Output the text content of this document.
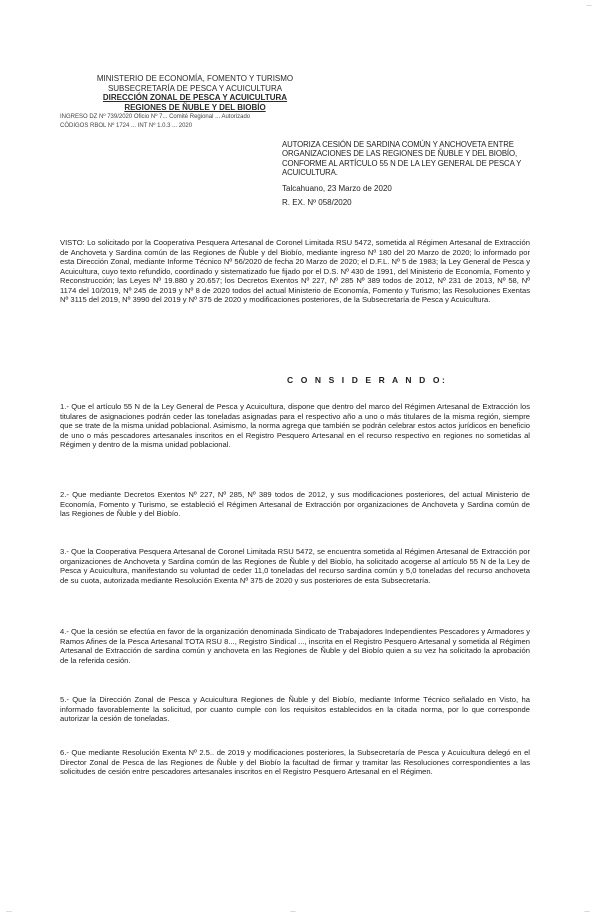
…
MINISTERIO DE ECONOMÍA, FOMENTO Y TURISMO
SUBSECRETARÍA DE PESCA Y ACUICULTURA
DIRECCIÓN ZONAL DE PESCA Y ACUICULTURA
REGIONES DE ÑUBLE Y DEL BIOBÍO
INGRESO DZ Nº 739/2020 Oficio Nº 7... Comité Regional ... Autorizado
CÓDIGOS RBOL Nº 1724 ... INT Nº 1.0.3 ... 2020
AUTORIZA CESIÓN DE SARDINA COMÚN Y ANCHOVETA ENTRE ORGANIZACIONES DE LAS REGIONES DE ÑUBLE Y DEL BIOBÍO, CONFORME AL ARTÍCULO 55 N DE LA LEY GENERAL DE PESCA Y ACUICULTURA.
Talcahuano, 23 Marzo de 2020
R. EX. Nº 058/2020
VISTO: Lo solicitado por la Cooperativa Pesquera Artesanal de Coronel Limitada RSU 5472, sometida al Régimen Artesanal de Extracción de Anchoveta y Sardina común de las Regiones de Ñuble y del Biobío, mediante ingreso Nº 180 del 20 Marzo de 2020; lo informado por esta Dirección Zonal, mediante Informe Técnico Nº 56/2020 de fecha 20 Marzo de 2020; el D.F.L. Nº 5 de 1983; la Ley General de Pesca y Acuicultura, cuyo texto refundido, coordinado y sistematizado fue fijado por el D.S. Nº 430 de 1991, del Ministerio de Economía, Fomento y Reconstrucción; las Leyes Nº 19.880 y 20.657; los Decretos Exentos Nº 227, Nº 285 Nº 389 todos de 2012, Nº 231 de 2013, Nº 58, Nº 1174 del 10/2019, Nº 245 de 2019 y Nº 8 de 2020 todos del actual Ministerio de Economía, Fomento y Turismo; las Resoluciones Exentas Nº 3115 del 2019, Nº 3990 del 2019 y Nº 375 de 2020 y modificaciones posteriores, de la Subsecretaría de Pesca y Acuicultura.
C O N S I D E R A N D O:
1.- Que el artículo 55 N de la Ley General de Pesca y Acuicultura, dispone que dentro del marco del Régimen Artesanal de Extracción los titulares de asignaciones podrán ceder las toneladas asignadas para el respectivo año a uno o más titulares de la misma región, siempre que se trate de la misma unidad poblacional. Asimismo, la norma agrega que también se podrán celebrar estos actos jurídicos en beneficio de uno o más pescadores artesanales inscritos en el Registro Pesquero Artesanal en el recurso respectivo en regiones no sometidas al Régimen y dentro de la misma unidad poblacional.
2.- Que mediante Decretos Exentos Nº 227, Nº 285, Nº 389 todos de 2012, y sus modificaciones posteriores, del actual Ministerio de Economía, Fomento y Turismo, se estableció el Régimen Artesanal de Extracción por organizaciones de Anchoveta y Sardina común de las Regiones de Ñuble y del Biobío.
3.- Que la Cooperativa Pesquera Artesanal de Coronel Limitada RSU 5472, se encuentra sometida al Régimen Artesanal de Extracción por organizaciones de Anchoveta y Sardina común de las Regiones de Ñuble y del Biobío, ha solicitado acogerse al artículo 55 N de la Ley de Pesca y Acuicultura, manifestando su voluntad de ceder 11,0 toneladas del recurso sardina común y 5,0 toneladas del recurso anchoveta de su cuota, autorizada mediante Resolución Exenta Nº 375 de 2020 y sus posteriores de esta Subsecretaría.
4.- Que la cesión se efectúa en favor de la organización denominada Sindicato de Trabajadores Independientes Pescadores y Armadores y Ramos Afines de la Pesca Artesanal TOTA RSU 8..., Registro Sindical ..., inscrita en el Registro Pesquero Artesanal y sometida al Régimen Artesanal de Extracción de sardina común y anchoveta en las Regiones de Ñuble y del Biobío quien a su vez ha solicitado la aprobación de la referida cesión.
5.- Que la Dirección Zonal de Pesca y Acuicultura Regiones de Ñuble y del Biobío, mediante Informe Técnico señalado en Visto, ha informado favorablemente la solicitud, por cuanto cumple con los requisitos establecidos en la citada norma, por lo que corresponde autorizar la cesión de toneladas.
6.- Que mediante Resolución Exenta Nº 2.5.. de 2019 y modificaciones posteriores, la Subsecretaría de Pesca y Acuicultura delegó en el Director Zonal de Pesca de las Regiones de Ñuble y del Biobío la facultad de firmar y tramitar las Resoluciones correspondientes a las solicitudes de cesión entre pescadores artesanales inscritos en el Registro Pesquero Artesanal en el Régimen.
…	…	…
